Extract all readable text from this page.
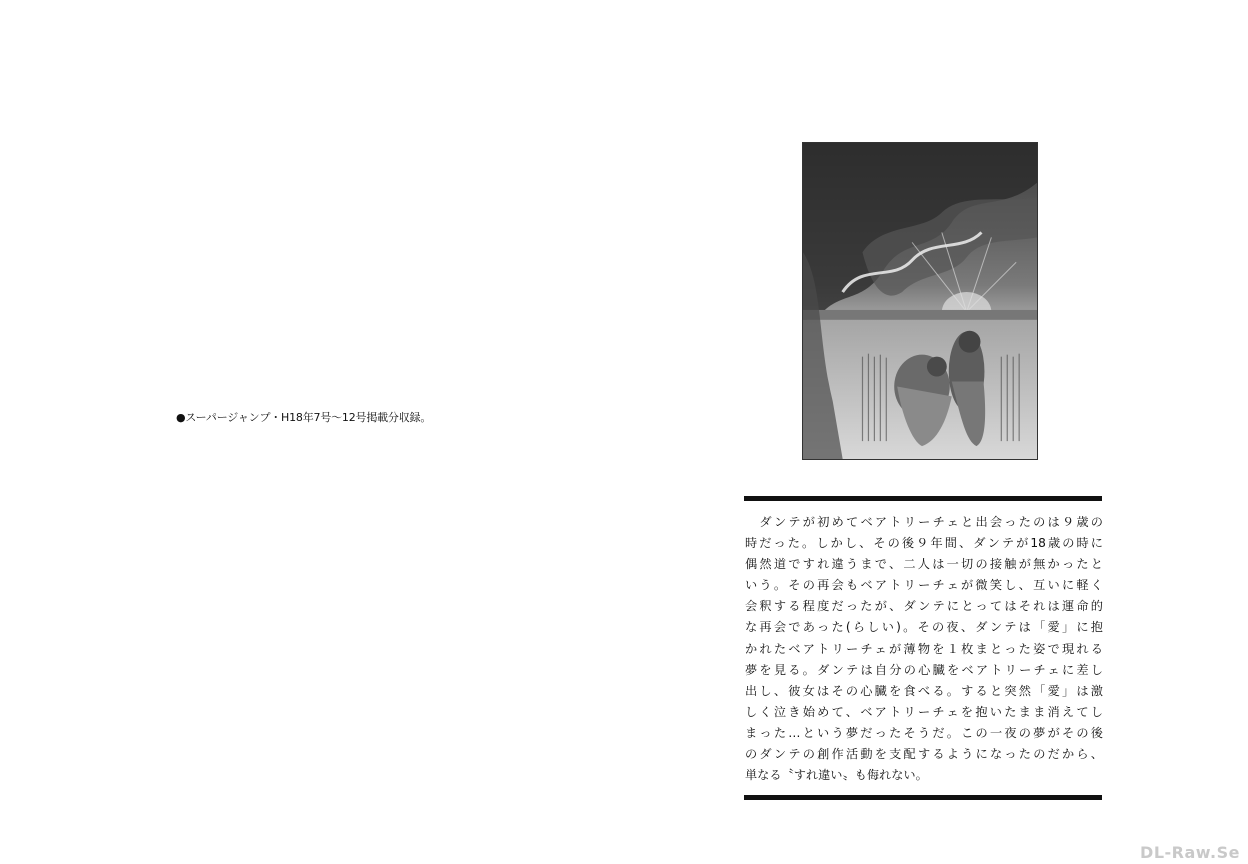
●スーパージャンプ・H18年7号〜12号掲載分収録。
　ダンテが初めてベアトリーチェと出会ったのは９歳の
時だった。しかし、その後９年間、ダンテが18歳の時に
偶然道ですれ違うまで、二人は一切の接触が無かったと
いう。その再会もベアトリーチェが微笑し、互いに軽く
会釈する程度だったが、ダンテにとってはそれは運命的
な再会であった(らしい)。その夜、ダンテは「愛」に抱
かれたベアトリーチェが薄物を１枚まとった姿で現れる
夢を見る。ダンテは自分の心臓をベアトリーチェに差し
出し、彼女はその心臓を食べる。すると突然「愛」は激
しく泣き始めて、ベアトリーチェを抱いたまま消えてし
まった…という夢だったそうだ。この一夜の夢がその後
のダンテの創作活動を支配するようになったのだから、
単なる〝すれ違い〟も侮れない。
DL-Raw.Se
